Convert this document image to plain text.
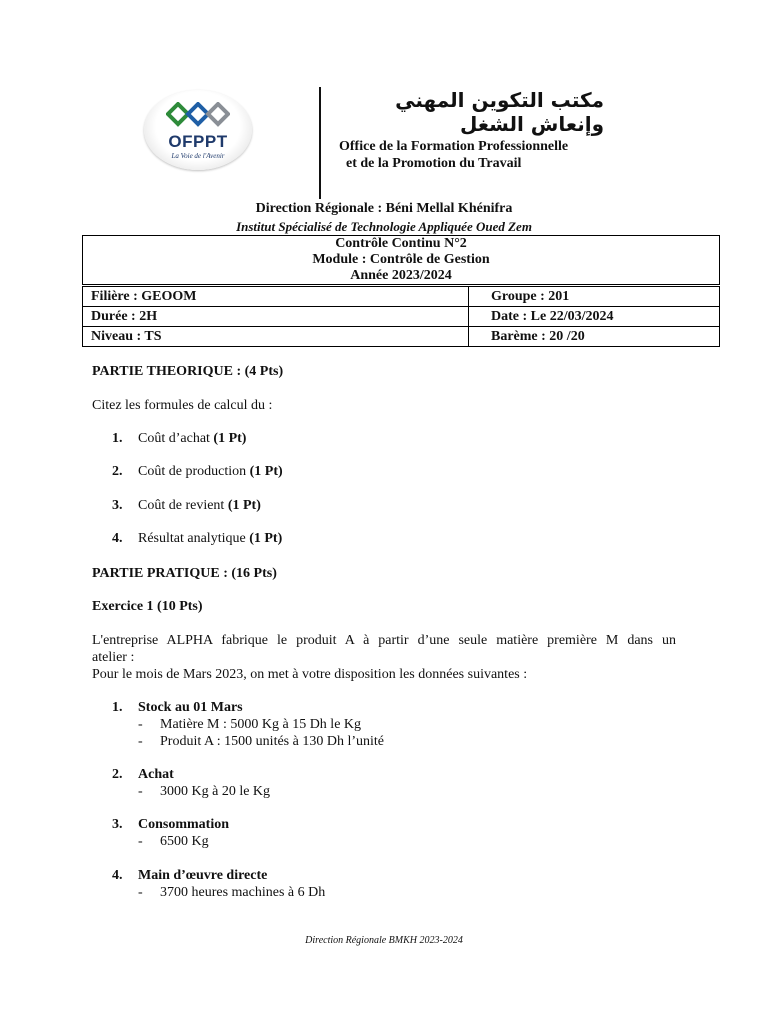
OFPPT
La Voie de l'Avenir
مكتب التكوين المهني وإنعاش الشغل
Office de la Formation Professionnelle
et de la Promotion du Travail
Direction Régionale : Béni Mellal Khénifra
Institut Spécialisé de Technologie Appliquée Oued Zem
Contrôle Continu N°2
Module : Contrôle de Gestion
Année 2023/2024
Filière : GEOOM	Groupe : 201
Durée : 2H	Date : Le 22/03/2024
Niveau : TS	Barème : 20 /20
PARTIE THEORIQUE : (4 Pts)
Citez les formules de calcul du :
1. Coût d’achat (1 Pt)
2. Coût de production (1 Pt)
3. Coût de revient (1 Pt)
4. Résultat analytique (1 Pt)
PARTIE PRATIQUE : (16 Pts)
Exercice 1 (10 Pts)
L'entreprise ALPHA fabrique le produit A à partir d’une seule matière première M dans un
atelier :
Pour le mois de Mars 2023, on met à votre disposition les données suivantes :
1. Stock au 01 Mars
- Matière M : 5000 Kg à 15 Dh le Kg
- Produit A : 1500 unités à 130 Dh l’unité
2. Achat
- 3000 Kg à 20 le Kg
3. Consommation
- 6500 Kg
4. Main d’œuvre directe
- 3700 heures machines à 6 Dh
Direction Régionale BMKH 2023-2024
